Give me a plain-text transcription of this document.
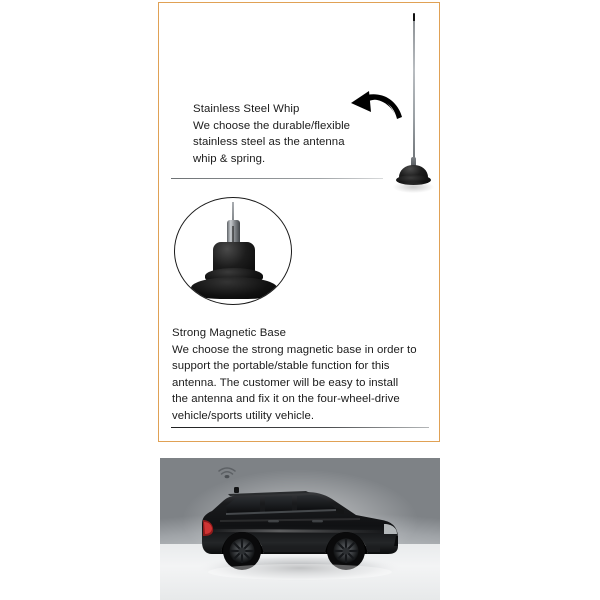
Stainless Steel Whip
We choose the durable/flexible
stainless steel as the antenna
whip & spring.
Strong Magnetic Base
We choose the strong magnetic base in order to
support the portable/stable function for this
antenna. The customer will be easy to install
the antenna and fix it on the four-wheel-drive
vehicle/sports utility vehicle.
